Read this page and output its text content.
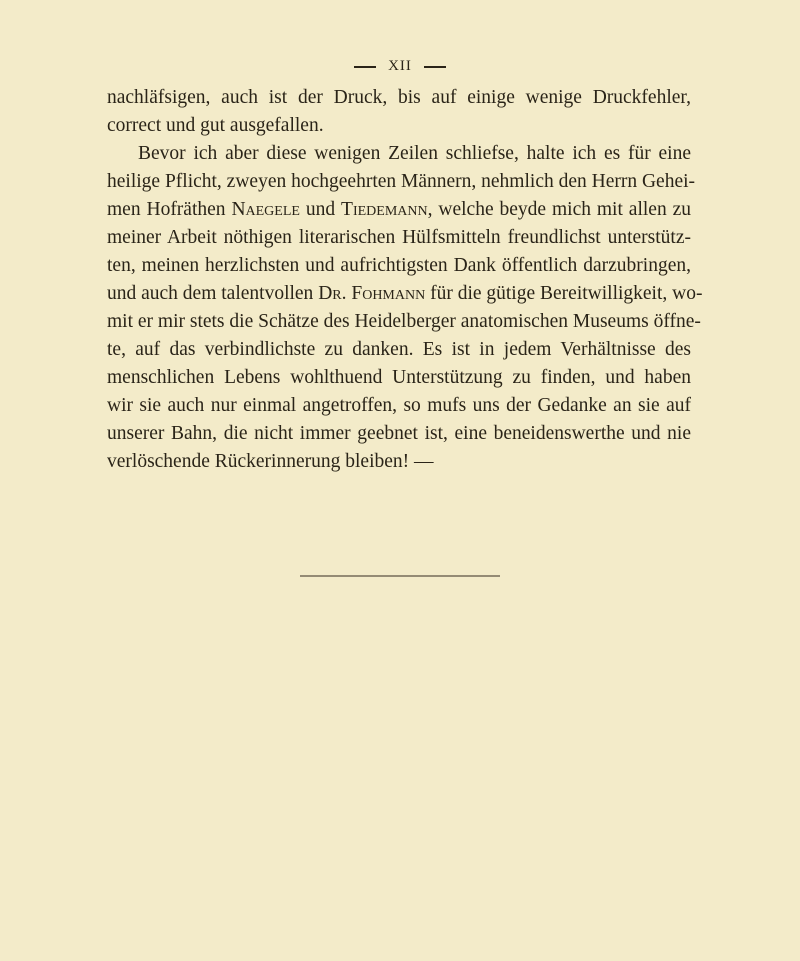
XII
nachläfsigen, auch ist der Druck, bis auf einige wenige Druckfehler,
correct und gut ausgefallen.
Bevor ich aber diese wenigen Zeilen schliefse, halte ich es für eine
heilige Pflicht, zweyen hochgeehrten Männern, nehmlich den Herrn Gehei-
men Hofräthen Naegele und Tiedemann, welche beyde mich mit allen zu
meiner Arbeit nöthigen literarischen Hülfsmitteln freundlichst unterstütz-
ten, meinen herzlichsten und aufrichtigsten Dank öffentlich darzubringen,
und auch dem talentvollen Dr. Fohmann für die gütige Bereitwilligkeit, wo-
mit er mir stets die Schätze des Heidelberger anatomischen Museums öffne-
te, auf das verbindlichste zu danken. Es ist in jedem Verhältnisse des
menschlichen Lebens wohlthuend Unterstützung zu finden, und haben
wir sie auch nur einmal angetroffen, so mufs uns der Gedanke an sie auf
unserer Bahn, die nicht immer geebnet ist, eine beneidenswerthe und nie
verlöschende Rückerinnerung bleiben! —
